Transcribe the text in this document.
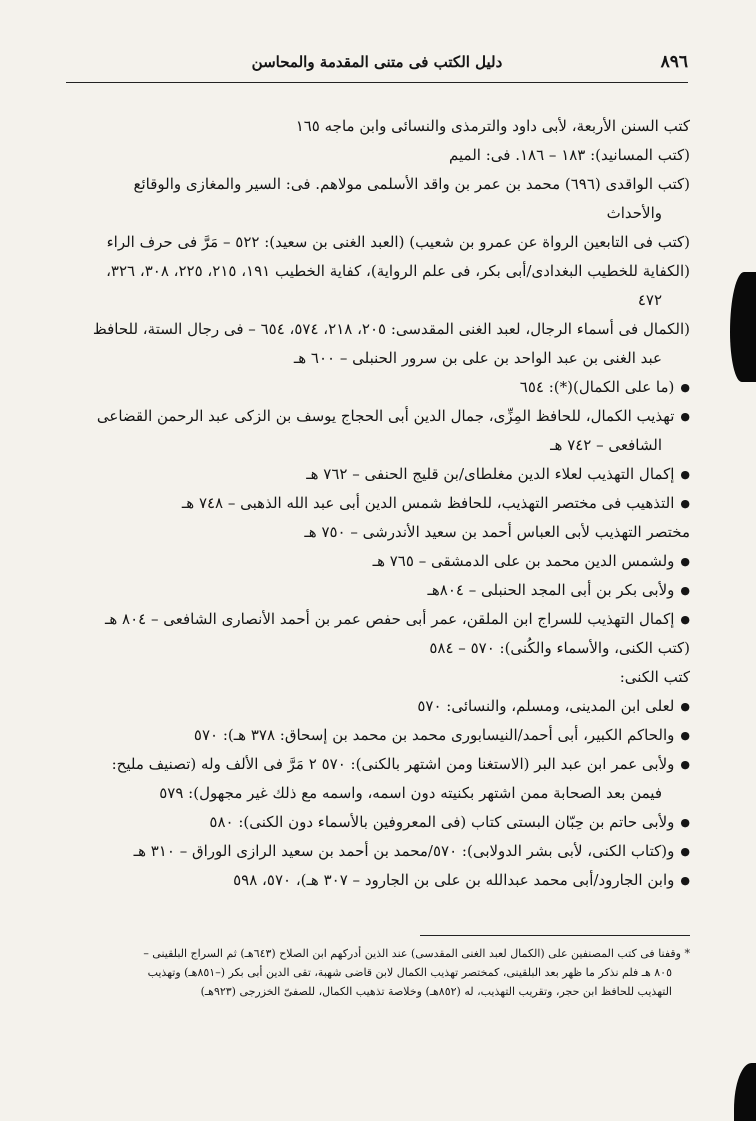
٨٩٦
دليل الكتب فى متنى المقدمة والمحاسن
كتب السنن الأربعة، لأبى داود والترمذى والنسائى وابن ماجه ١٦٥
(كتب المسانيد): ١٨٣ – ١٨٦. فى: الميم
(كتب الواقدى (٦٩٦) محمد بن عمر بن واقد الأسلمى مولاهم. فى: السير والمغازى والوقائع
والأحداث
(كتب فى التابعين الرواة عن عمرو بن شعيب) (العبد الغنى بن سعيد): ٥٢٢ – مَرَّ فى حرف الراء
(الكفاية للخطيب البغدادى/أبى بكر، فى علم الرواية)، كفاية الخطيب ١٩١، ٢١٥، ٢٢٥، ٣٠٨، ٣٢٦،
٤٧٢
(الكمال فى أسماء الرجال، لعبد الغنى المقدسى: ٢٠٥، ٢١٨، ٥٧٤، ٦٥٤ – فى رجال الستة، للحافظ
عبد الغنى بن عبد الواحد بن على بن سرور الحنبلى – ٦٠٠ هـ
● (ما على الكمال)(*): ٦٥٤
● تهذيب الكمال، للحافظ المِزِّى، جمال الدين أبى الحجاج يوسف بن الزكى عبد الرحمن القضاعى
الشافعى – ٧٤٢ هـ
● إكمال التهذيب لعلاء الدين مغلطاى/بن قليج الحنفى – ٧٦٢ هـ
● التذهيب فى مختصر التهذيب، للحافظ شمس الدين أبى عبد الله الذهبى – ٧٤٨ هـ
مختصر التهذيب لأبى العباس أحمد بن سعيد الأندرشى – ٧٥٠ هـ
● ولشمس الدين محمد بن على الدمشقى – ٧٦٥ هـ
● ولأبى بكر بن أبى المجد الحنبلى – ٨٠٤هـ
● إكمال التهذيب للسراج ابن الملقن، عمر أبى حفص عمر بن أحمد الأنصارى الشافعى – ٨٠٤ هـ
(كتب الكنى، والأسماء والكُنى): ٥٧٠ – ٥٨٤
كتب الكنى:
● لعلى ابن المدينى، ومسلم، والنسائى: ٥٧٠
● والحاكم الكبير، أبى أحمد/النيسابورى محمد بن محمد بن إسحاق: ٣٧٨ هـ): ٥٧٠
● ولأبى عمر ابن عبد البر (الاستغنا ومن اشتهر بالكنى): ٥٧٠ ٢ مَرَّ فى الألف وله (تصنيف مليح:
فيمن بعد الصحابة ممن اشتهر بكنيته دون اسمه، واسمه مع ذلك غير مجهول): ٥٧٩
● ولأبى حاتم بن حِبّان البستى كتاب (فى المعروفين بالأسماء دون الكنى): ٥٨٠
● و(كتاب الكنى، لأبى بشر الدولابى): ٥٧٠/محمد بن أحمد بن سعيد الرازى الوراق – ٣١٠ هـ
● وابن الجارود/أبى محمد عبدالله بن على بن الجارود – ٣٠٧ هـ)، ٥٧٠، ٥٩٨
* وقفنا فى كتب المصنفين على (الكمال لعبد الغنى المقدسى) عند الذين أدركهم ابن الصلاح (٦٤٣هـ) ثم السراج البلقينى –
٨٠٥ هـ فلم نذكر ما ظهر بعد البلقينى، كمختصر تهذيب الكمال لابن قاضى شهبة، تقى الدين أبى بكر (–٨٥١هـ) وتهذيب
التهذيب للحافظ ابن حجر، وتقريب التهذيب، له (٨٥٢هـ) وخلاصة تذهيب الكمال، للصفىّ الخزرجى (٩٢٣هـ)
